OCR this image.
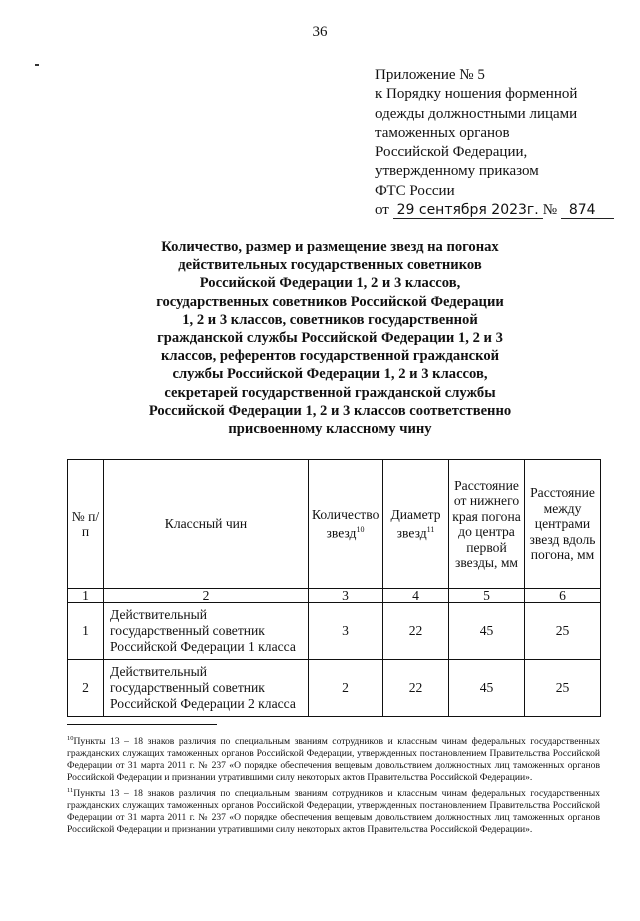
36
Приложение № 5
к Порядку ношения форменной
одежды должностными лицами
таможенных органов
Российской Федерации,
утвержденному приказом
ФТС России
от 29 сентября 2023г. № 874
Количество, размер и размещение звезд на погонах
действительных государственных советников
Российской Федерации 1, 2 и 3 классов,
государственных советников Российской Федерации
1, 2 и 3 классов, советников государственной
гражданской службы Российской Федерации 1, 2 и 3
классов, референтов государственной гражданской
службы Российской Федерации 1, 2 и 3 классов,
секретарей государственной гражданской службы
Российской Федерации 1, 2 и 3 классов соответственно
присвоенному классному чину
№ п/п	Классный чин	Количество звезд$^{10}$	Диаметр звезд$^{11}$	Расстояние от нижнего края погона до центра первой звезды, мм	Расстояние между центрами звезд вдоль погона, мм
1	2	3	4	5	6
1	Действительный государственный советник Российской Федерации 1 класса	3	22	45	25
2	Действительный государственный советник Российской Федерации 2 класса	2	22	45	25

$^{10}$Пункты 13 – 18 знаков различия по специальным званиям сотрудников и классным чинам федеральных государственных гражданских служащих таможенных органов Российской Федерации, утвержденных постановлением Правительства Российской Федерации от 31 марта 2011 г. № 237 «О порядке обеспечения вещевым довольствием должностных лиц таможенных органов Российской Федерации и признании утратившими силу некоторых актов Правительства Российской Федерации».

$^{11}$Пункты 13 – 18 знаков различия по специальным званиям сотрудников и классным чинам федеральных государственных гражданских служащих таможенных органов Российской Федерации, утвержденных постановлением Правительства Российской Федерации от 31 марта 2011 г. № 237 «О порядке обеспечения вещевым довольствием должностных лиц таможенных органов Российской Федерации и признании утратившими силу некоторых актов Правительства Российской Федерации».
